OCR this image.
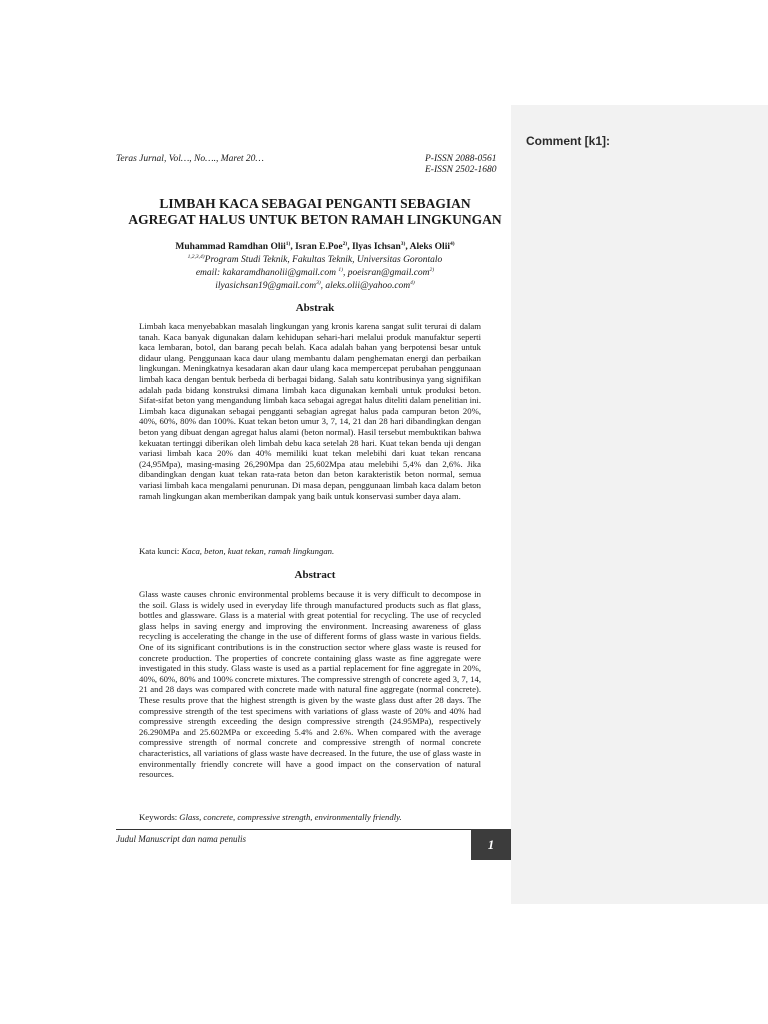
Comment [k1]:
Teras Jurnal, Vol…, No…., Maret 20…	P-ISSN 2088-0561
E-ISSN 2502-1680
LIMBAH KACA SEBAGAI PENGANTI SEBAGIAN
AGREGAT HALUS UNTUK BETON RAMAH LINGKUNGAN
Muhammad Ramdhan Olii$^{1)}$, Isran E.Poe$^{2)}$, Ilyas Ichsan$^{3)}$, Aleks Olii$^{4)}$
$^{1,2,3,4)}$Program Studi Teknik, Fakultas Teknik, Universitas Gorontalo
email: kakaramdhanolii@gmail.com $^{1)}$, poeisran@gmail.com$^{2)}$
ilyasichsan19@gmail.com$^{3)}$, aleks.olii@yahoo.com$^{4)}$
Abstrak
Limbah kaca menyebabkan masalah lingkungan yang kronis karena sangat sulit terurai di dalam tanah. Kaca banyak digunakan dalam kehidupan sehari-hari melalui produk manufaktur seperti kaca lembaran, botol, dan barang pecah belah. Kaca adalah bahan yang berpotensi besar untuk didaur ulang. Penggunaan kaca daur ulang membantu dalam penghematan energi dan perbaikan lingkungan. Meningkatnya kesadaran akan daur ulang kaca mempercepat perubahan penggunaan limbah kaca dengan bentuk berbeda di berbagai bidang. Salah satu kontribusinya yang signifikan adalah pada bidang konstruksi dimana limbah kaca digunakan kembali untuk produksi beton. Sifat-sifat beton yang mengandung limbah kaca sebagai agregat halus diteliti dalam penelitian ini. Limbah kaca digunakan sebagai pengganti sebagian agregat halus pada campuran beton 20%, 40%, 60%, 80% dan 100%. Kuat tekan beton umur 3, 7, 14, 21 dan 28 hari dibandingkan dengan beton yang dibuat dengan agregat halus alami (beton normal). Hasil tersebut membuktikan bahwa kekuatan tertinggi diberikan oleh limbah debu kaca setelah 28 hari. Kuat tekan benda uji dengan variasi limbah kaca 20% dan 40% memiliki kuat tekan melebihi dari kuat tekan rencana (24,95Mpa), masing-masing 26,290Mpa dan 25,602Mpa atau melebihi 5,4% dan 2,6%. Jika dibandingkan dengan kuat tekan rata-rata beton dan beton karakteristik beton normal, semua variasi limbah kaca mengalami penurunan. Di masa depan, penggunaan limbah kaca dalam beton ramah lingkungan akan memberikan dampak yang baik untuk konservasi sumber daya alam.
Kata kunci: Kaca, beton, kuat tekan, ramah lingkungan.
Abstract
Glass waste causes chronic environmental problems because it is very difficult to decompose in the soil. Glass is widely used in everyday life through manufactured products such as flat glass, bottles and glassware. Glass is a material with great potential for recycling. The use of recycled glass helps in saving energy and improving the environment. Increasing awareness of glass recycling is accelerating the change in the use of different forms of glass waste in various fields. One of its significant contributions is in the construction sector where glass waste is reused for concrete production. The properties of concrete containing glass waste as fine aggregate were investigated in this study. Glass waste is used as a partial replacement for fine aggregate in 20%, 40%, 60%, 80% and 100% concrete mixtures. The compressive strength of concrete aged 3, 7, 14, 21 and 28 days was compared with concrete made with natural fine aggregate (normal concrete). These results prove that the highest strength is given by the waste glass dust after 28 days. The compressive strength of the test specimens with variations of glass waste of 20% and 40% had compressive strength exceeding the design compressive strength (24.95MPa), respectively 26.290MPa and 25.602MPa or exceeding 5.4% and 2.6%. When compared with the average compressive strength of normal concrete and compressive strength of normal concrete characteristics, all variations of glass waste have decreased. In the future, the use of glass waste in environmentally friendly concrete will have a good impact on the conservation of natural resources.
Keywords: Glass, concrete, compressive strength, environmentally friendly.
Judul Manuscript dan nama penulis	1
